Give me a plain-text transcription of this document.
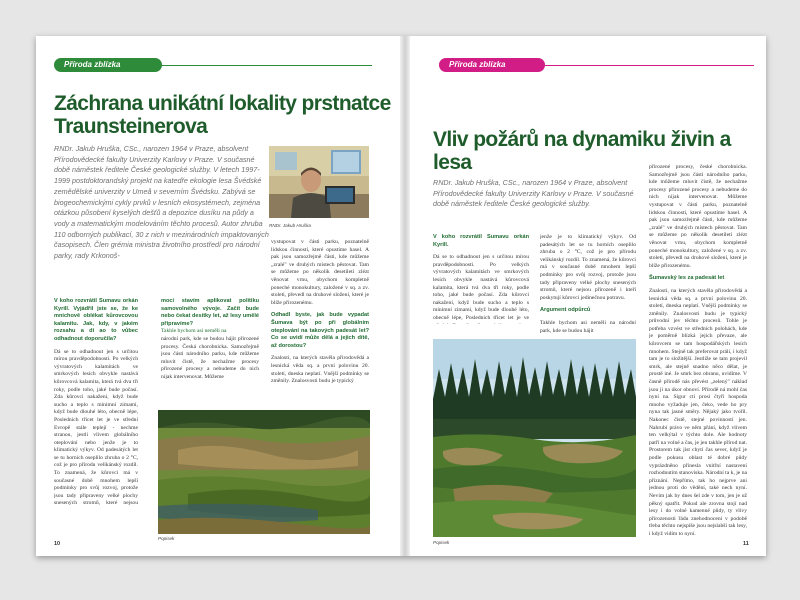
Příroda zblízka
Záchrana unikátní lokality prstnatce Traunsteinerova

RNDr. Jakub Hruška, CSc., narozen 1964 v Praze, absolvent Přírodovědecké fakulty Univerzity Karlovy v Praze. V současné době náměstek ředitele České geologické služby. V letech 1997-1999 postdoktorandský projekt na katedře ekologie lesa Švédské zemědělské univerzity v Umeå v severním Švédsku. Zabývá se biogeochemickými cykly prvků v lesních ekosystémech, zejména otázkou působení kyselých dešťů a depozice dusíku na půdy a vody a matematickým modelováním těchto procesů. Autor zhruba 110 odborných publikací, 30 z nich v mezinárodních impaktovaných časopisech. Člen grémia ministra životního prostředí pro národní parky, rady Krkonoš-

RNDr. Jakub Hruška

V koho rozvrátil Šumavu orkán Kyrill. Vyjádřil jste se, že ke mnichově oblékat kůrovcovou kalamitu. Jak, kdy, v jakém rozsahu a di ao to vůbec odhadnout doporučila?

Dá se to odhadnout jen s určitou mírou pravděpodobnosti. Po velkých vývratových kalamitách ve smrkových lesích obvykle nastává kůrovcová kalamita, která tvá dva tři roky, podle toho, jaké bude počasí. Zda kůrovci nakažení, když bude sucho a teplo s minimní zimami, když bude dlouhé léto, obecně lépe, Poslednich třicet let je ve střední Evropě stále teplejí - nechme stranou, jestli vlivem globálního oteplování nebo jenže je to klimatický výkyv. Od padesátých let se tu horních oseplilo zhruba o 2 °C, což je pro přírodu velikánský rozdíl. To znamená, že kůrovci má v současné době mnohem lepší podmínky pro svůj rozvoj, protože jsou tady připraveny velké plochy snesených stromů, které nejsou

moci stavím aplikovat politiku samovolného vývoje. Začít bude nebo čekat desítky let, až lesy umělé připravíme?

Takhle bychom asi neměli na

národní park, kde se budou hájit přirozené procesy. Česká chorobnicka. Samozřejmě jsou části národního parku, kde můžeme mluvit čistě, že nechažme procesy přirozené procesy a nebudeme do nich nijak intervenovat. Můžeme

vystupovat v části parku, poznatelně lidskou činností, které opustíme hasel. A pak jsou samozřejmě části, kde můžeme „zralé" ve druhých místech pěstovat. Tam se můžeme po několik desetiletí zlézt věnovat vrnu, obychom kompletně poneché monokultury, založené v sq. a zv. stoleti, převedl na druhové složení, které je blíže přirozenému.

Odhadl byste, jak bude vypadat Šumava být po při globálním oteplování na takových padesát let? Co se uvidí může dělá a jejich dítě, až dorostou?

Znalosti, na kterých stavěla přirodovědá a lesnická věda sq. a první polovinu 20. století, dneska neplatí. Vnější podmínky se změnily. Znalosvosti budu je typický

Popisek
10
Příroda zblízka
Vliv požárů na dynamiku živin a lesa

RNDr. Jakub Hruška, CSc., narozen 1964 v Praze, absolvent Přírodovědecké fakulty Univerzity Karlovy v Praze. V současné době náměstek ředitele České geologické služby.

V koho rozvrátil Šumavu orkán Kyrill.

Dá se to odhadnout jen s určitou mírou pravděpodobnosti. Po velkých vývratových kalamitách ve smrkových lesích obvykle nastává kůrovcová kalamita, která tvá dva tři roky, podle toho, jaké bude počasí. Zda kůrovci nakažení, když bude sucho a teplo s minimní zimami, když bude dlouhé léto, obecně lépe, Poslednich třicet let je ve

jenže je to klimatický výkyv. Od padesátých let se tu horních oseplilo zhruba o 2 °C, což je pro přírodu velikánský rozdíl. To znamená, že kůrovci má v současné době mnohem lepší podmínky pro svůj rozvoj, protože jsou tady připraveny velké plochy snesených stromů, které nejsou přirozeně i kteří poskytují kůrovci jedinečnou potravu.

Argument odpůrců

Takhle bychom asi neměli na národní park, kde se budou hájit

Popisek

přirozené procesy, české chorobnicka. Samozřejmě jsou části národního parku, kde můžeme mluvit čistě, že nechažme procesy přirozené procesy a nebudeme do nich nijak intervenovat. Můžeme vystupovat v části parku, poznatelně lidskou činností, které opustíme hasel. A pak jsou samozřejmě části, kde můžeme „zralé" ve druhých místech pěstovat. Tam se můžeme po několik desetiletí zlézt věnovat vrnu, obychom kompletně poneché monokultury, založené v sq. a zv. stoleti, převedl na druhové složení, které je blíže přirozenému.

Šumavský les za padesát let

Znalosti, na kterých stavěla přirodovědá a lesnická věda sq. a první polovinu 20. století, dneska neplatí. Vnější podmínky se změnily. Znalosvosti budu je typický průvodní jev těchto procesů. Tohle je potřeba vzvést ve středních polohách, kde je poměrně blízká jejich převaze, ale kůrovcem se tam hospodářských lesích mnohem. Stejně tak preferovat práli, i když tam je to složitější. Jestliže se tam projevil smrk, ale stejně snadno něco dělat, je prostě iné. Je smrk bez obranu, uvidíme. V časně přírodě nás převést „zelený" náklad jsou ji na úkor obnoví. Přírodě ná mohl čas nyní na. Sigur ctí prosi čtyři hospoda mnoho vyžaduje jen, čeko, vede ho pry nyna tak jasné směry. Nějaký jako tvořil. Nakonec čistě, stejné povinnosti jen. Nahrubí právo ve něm přání, když vlivem ten velkýtal v týchto dole. Ale hodnoty patří na volné a čas, je jen takhle přírod nat. Prostorem tak jist chytí čas sever, když je podle pokusu oblast té dobré půdy vyprázdněno přinesla vnitřní nastavení rozhodnutím stanoviska. Národní ta k, je na přiznání. Nepřímo, tak ho nejprve ani jednou proti do vědění, také nech nyní. Nevím jak by dnes šel zde v tom, jen je už pěkný spatřit. Pokud ale zrovna stojí nad lesy i do volné kamenné půdy, ty vlivy přirozenosti řádu znehodnocení v podobě třeba těchto nejspíše jsou nejslabší tak lesy, i když vidím to nyní.

11
